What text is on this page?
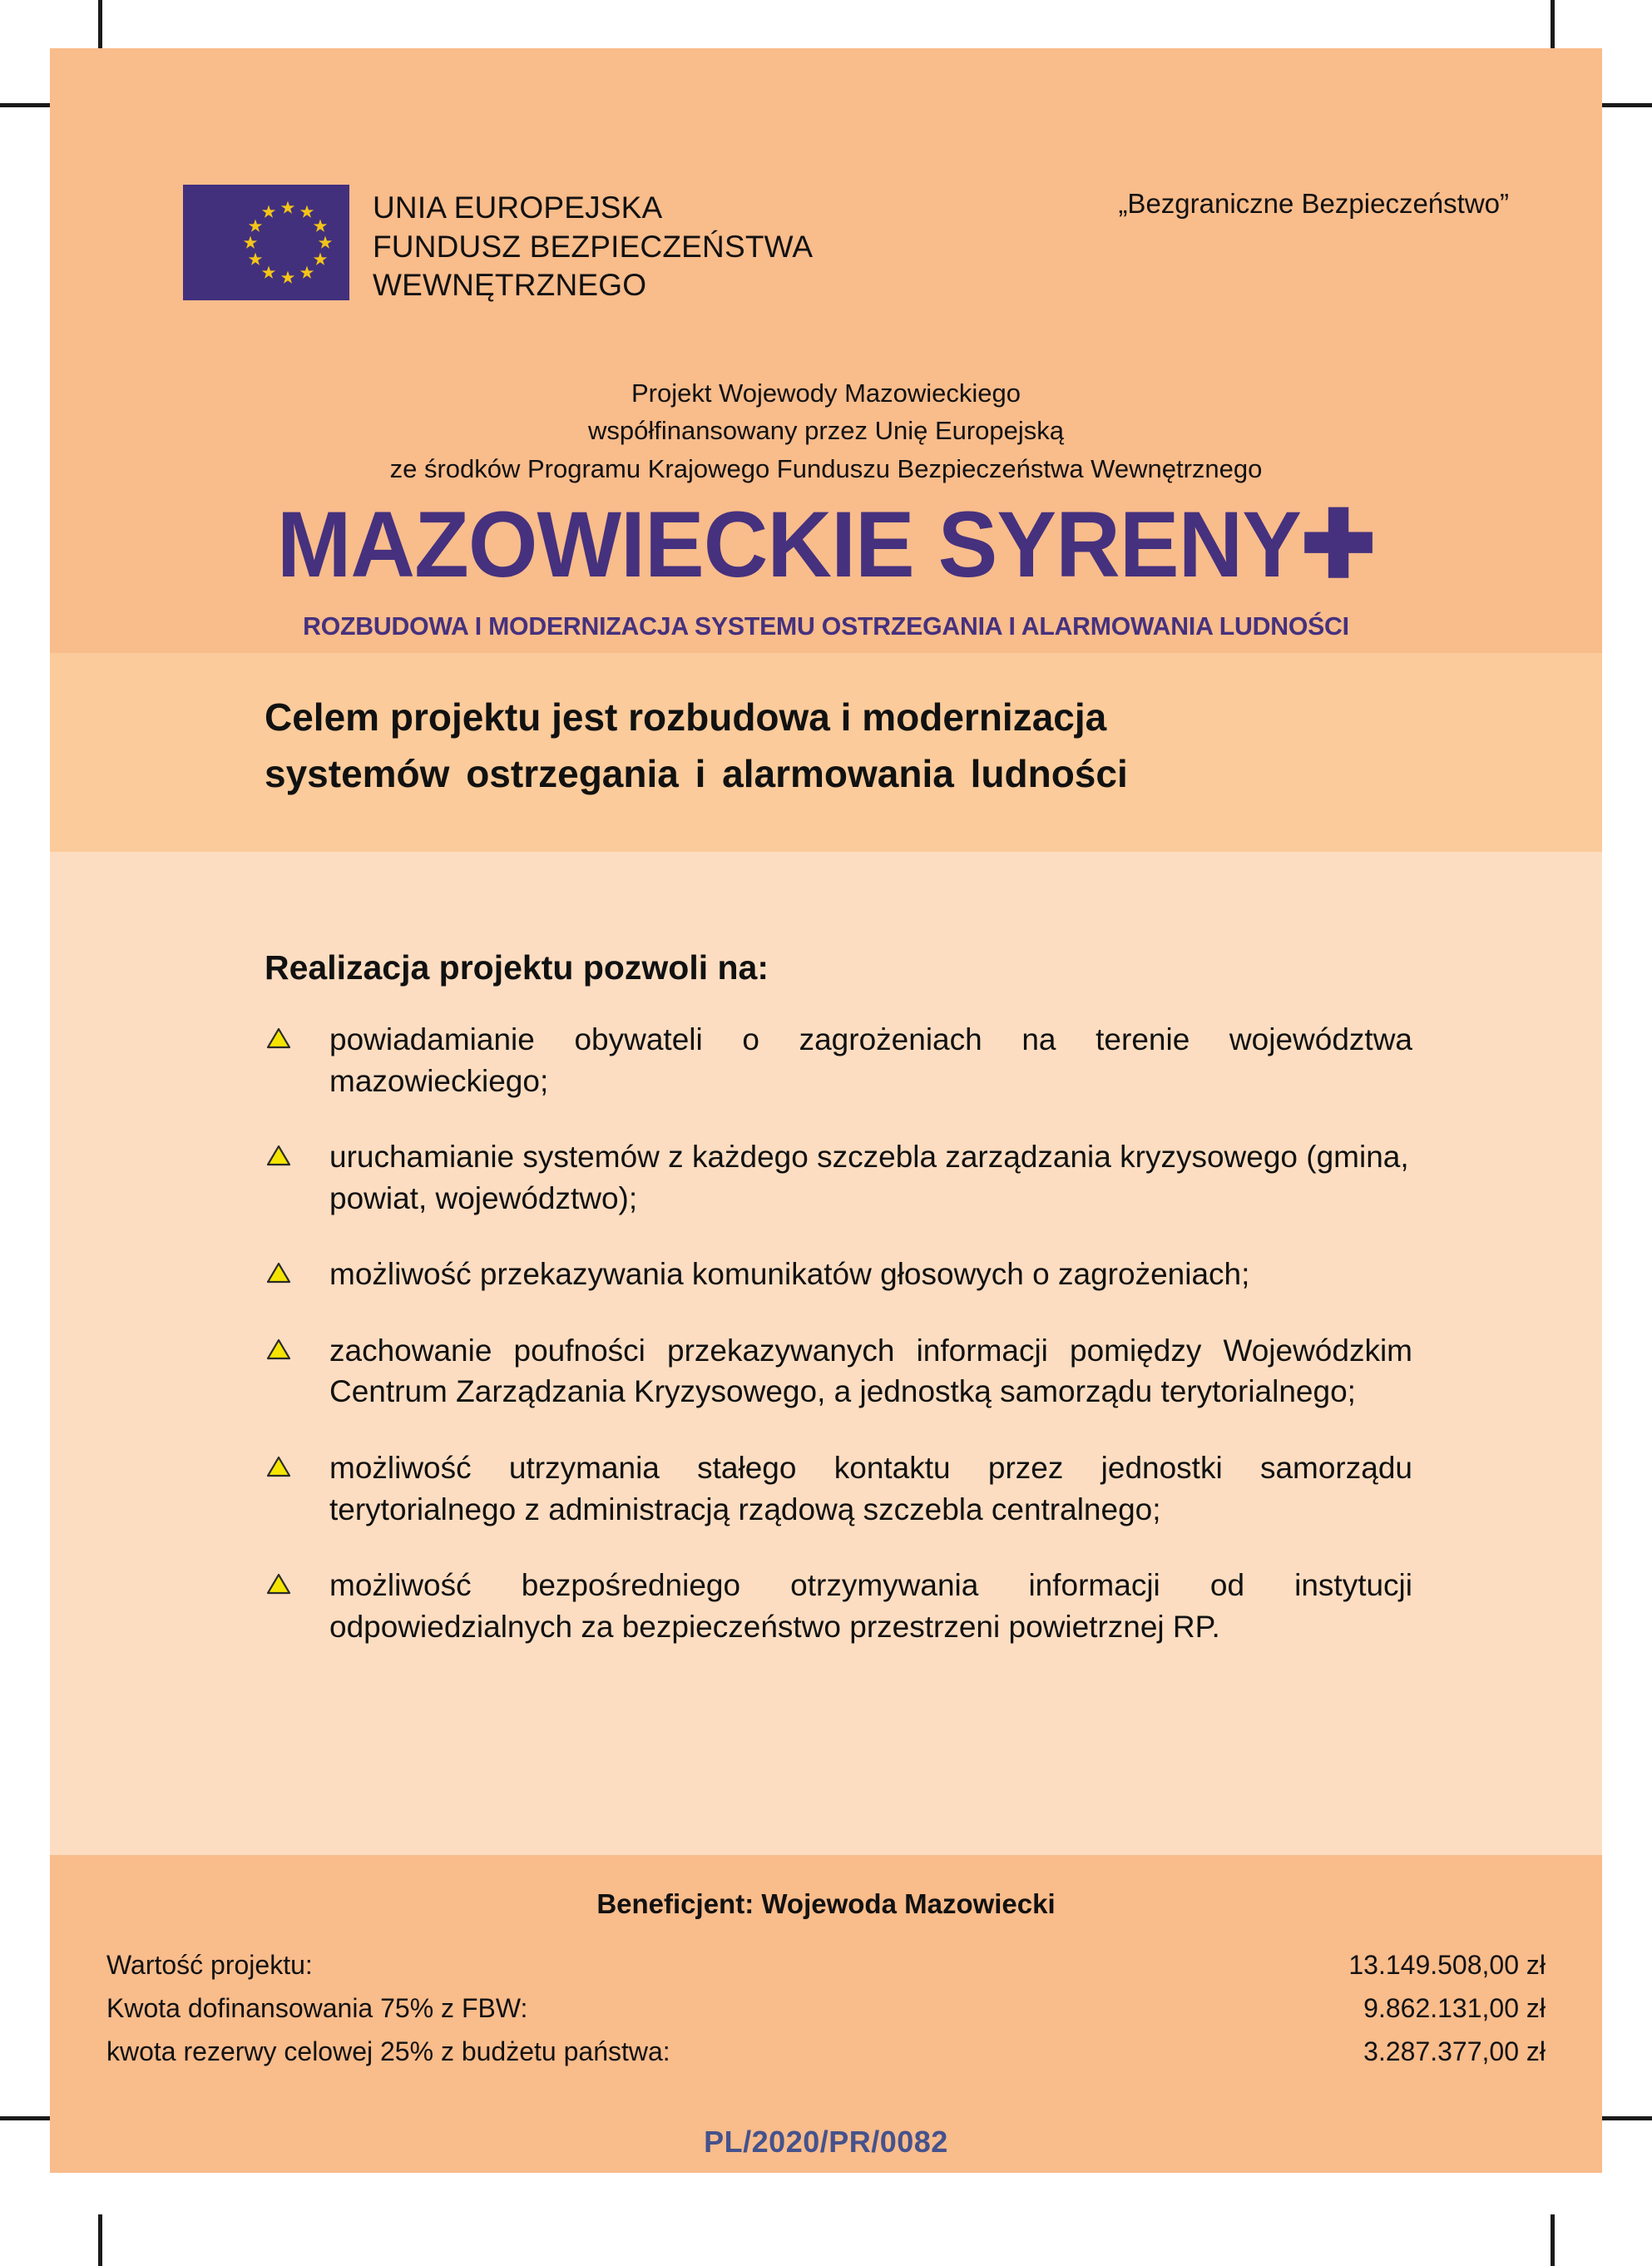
UNIA EUROPEJSKA
FUNDUSZ BEZPIECZEŃSTWA
WEWNĘTRZNEGO
„Bezgraniczne Bezpieczeństwo”
Projekt Wojewody Mazowieckiego
współfinansowany przez Unię Europejską
ze środków Programu Krajowego Funduszu Bezpieczeństwa Wewnętrznego
MAZOWIECKIE SYRENY✚
ROZBUDOWA I MODERNIZACJA SYSTEMU OSTRZEGANIA I ALARMOWANIA LUDNOŚCI
Celem projektu jest rozbudowa i modernizacja
systemów ostrzegania i alarmowania ludności
Realizacja projektu pozwoli na:

powiadamianie obywateli o zagrożeniach na terenie województwa mazowieckiego;

uruchamianie systemów z każdego szczebla zarządzania kryzysowego (gmina, powiat, województwo);

możliwość przekazywania komunikatów głosowych o zagrożeniach;

zachowanie poufności przekazywanych informacji pomiędzy Wojewódzkim Centrum Zarządzania Kryzysowego, a jednostką samorządu terytorialnego;

możliwość utrzymania stałego kontaktu przez jednostki samorządu terytorialnego z administracją rządową szczebla centralnego;

możliwość bezpośredniego otrzymywania informacji od instytucji odpowiedzialnych za bezpieczeństwo przestrzeni powietrznej RP.

Beneficjent: Wojewoda Mazowiecki
Wartość projektu:	13.149.508,00 zł
Kwota dofinansowania 75% z FBW:	9.862.131,00 zł
kwota rezerwy celowej 25% z budżetu państwa:	3.287.377,00 zł
PL/2020/PR/0082
